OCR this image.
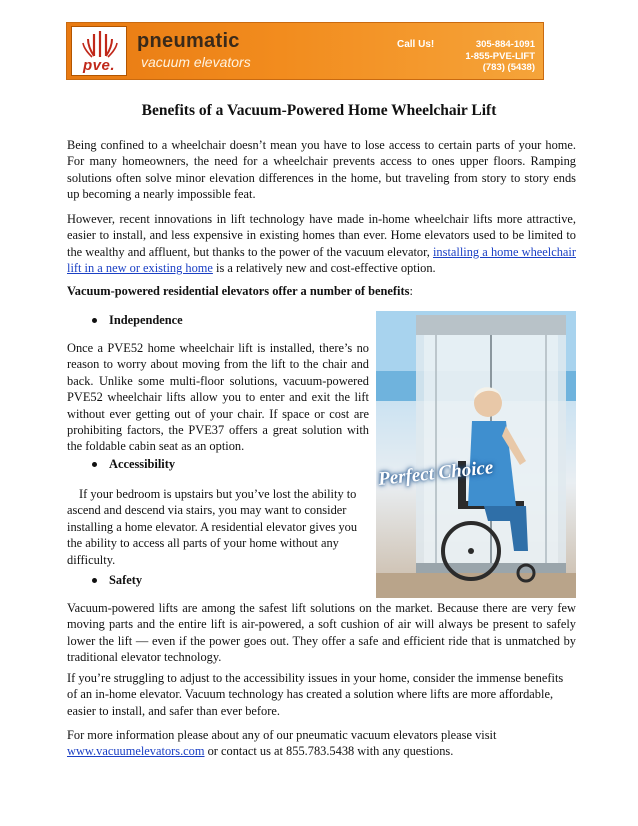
pve.
pneumatic
vacuum elevators
Call Us!	305-884-1091
1-855-PVE-LIFT
(783) (5438)
Benefits of a Vacuum-Powered Home Wheelchair Lift

Being confined to a wheelchair doesn’t mean you have to lose access to certain parts of your home. For many homeowners, the need for a wheelchair prevents access to ones upper floors. Ramping solutions often solve minor elevation differences in the home, but traveling from story to story ends up becoming a nearly impossible feat.

However, recent innovations in lift technology have made in-home wheelchair lifts more attractive, easier to install, and less expensive in existing homes than ever. Home elevators used to be limited to the wealthy and affluent, but thanks to the power of the vacuum elevator, installing a home wheelchair lift in a new or existing home is a relatively new and cost-effective option.

Vacuum-powered residential elevators offer a number of benefits:

Independence

Once a PVE52 home wheelchair lift is installed, there’s no reason to worry about moving from the lift to the chair and back. Unlike some multi-floor solutions, vacuum-powered PVE52 wheelchair lifts allow you to enter and exit the lift without ever getting out of your chair. If space or cost are prohibiting factors, the PVE37 offers a great solution with the foldable cabin seat as an option.

Accessibility

If your bedroom is upstairs but you’ve lost the ability to ascend and descend via stairs, you may want to consider installing a home elevator. A residential elevator gives you the ability to access all parts of your home without any difficulty.

Safety

Vacuum-powered lifts are among the safest lift solutions on the market. Because there are very few moving parts and the entire lift is air-powered, a soft cushion of air will always be present to safely lower the lift — even if the power goes out. They offer a safe and efficient ride that is unmatched by traditional elevator technology.

If you’re struggling to adjust to the accessibility issues in your home, consider the immense benefits of an in-home elevator. Vacuum technology has created a solution where lifts are more affordable, easier to install, and safer than ever before.

For more information please about any of our pneumatic vacuum elevators please visit
www.vacuumelevators.com or contact us at 855.783.5438 with any questions.

Perfect Choice
